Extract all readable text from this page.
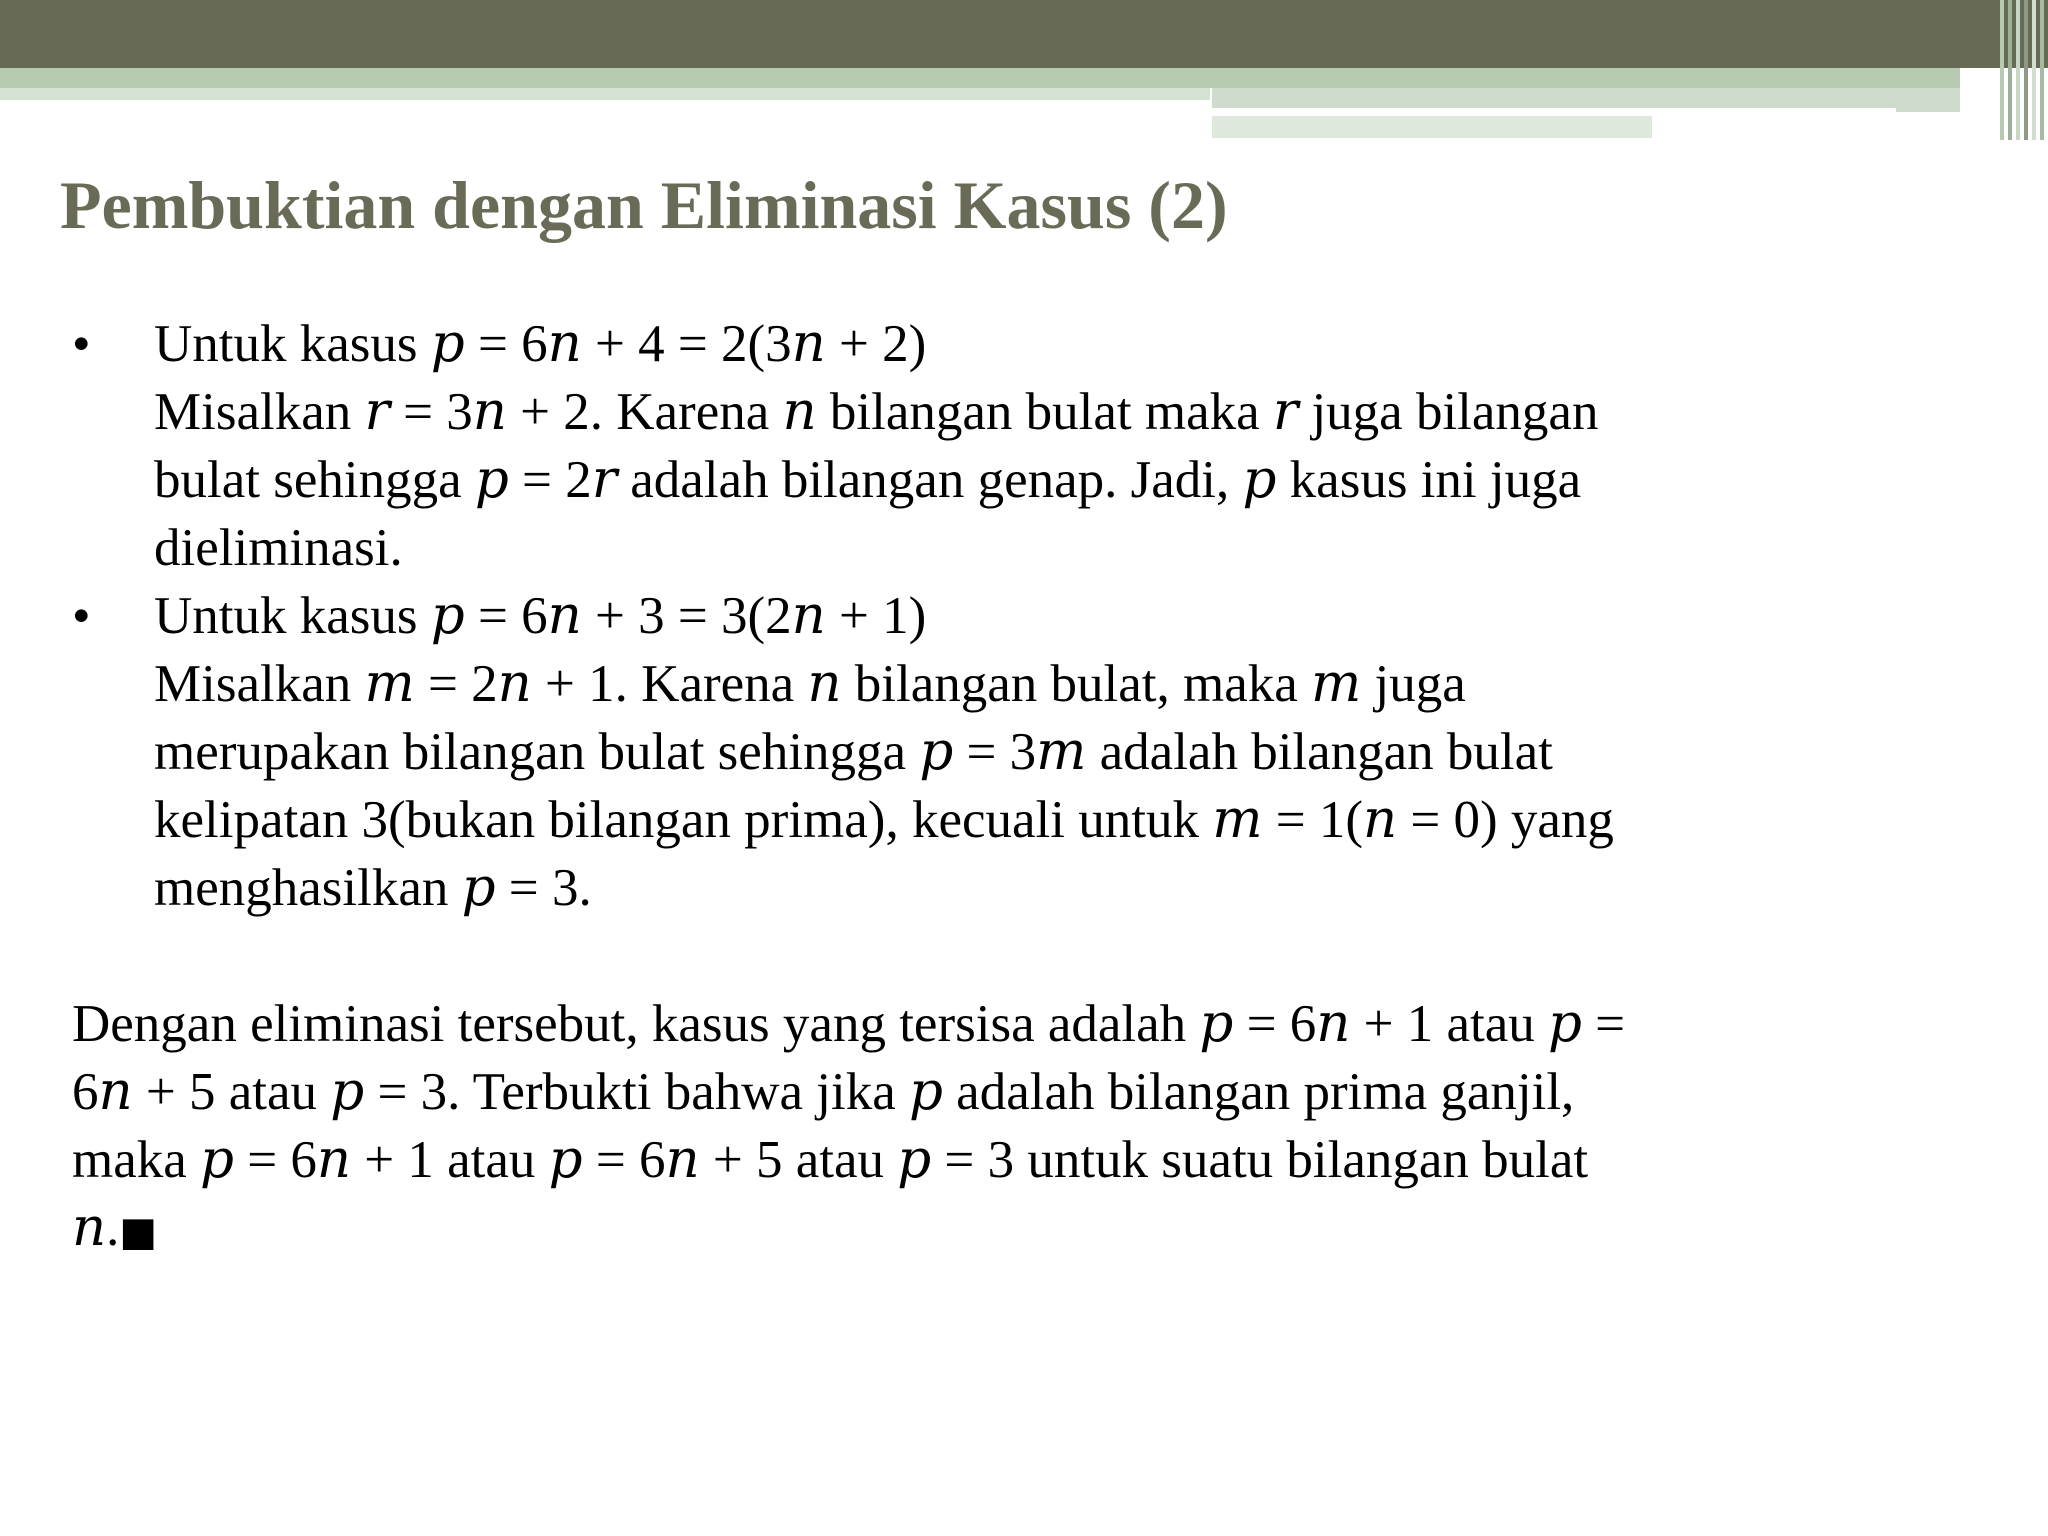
Pembuktian dengan Eliminasi Kasus (2)
• Untuk kasus 𝑝 = 6𝑛 + 4 = 2(3𝑛 + 2)
Misalkan 𝑟 = 3𝑛 + 2. Karena 𝑛 bilangan bulat maka 𝑟 juga bilangan
bulat sehingga 𝑝 = 2𝑟 adalah bilangan genap. Jadi, 𝑝 kasus ini juga
dieliminasi.
• Untuk kasus 𝑝 = 6𝑛 + 3 = 3(2𝑛 + 1)
Misalkan 𝑚 = 2𝑛 + 1. Karena 𝑛 bilangan bulat, maka 𝑚 juga
merupakan bilangan bulat sehingga 𝑝 = 3𝑚 adalah bilangan bulat
kelipatan 3(bukan bilangan prima), kecuali untuk 𝑚 = 1(𝑛 = 0) yang
menghasilkan 𝑝 = 3.
Dengan eliminasi tersebut, kasus yang tersisa adalah 𝑝 = 6𝑛 + 1 atau 𝑝 =
6𝑛 + 5 atau 𝑝 = 3. Terbukti bahwa jika 𝑝 adalah bilangan prima ganjil,
maka 𝑝 = 6𝑛 + 1 atau 𝑝 = 6𝑛 + 5 atau 𝑝 = 3 untuk suatu bilangan bulat
𝑛.■
